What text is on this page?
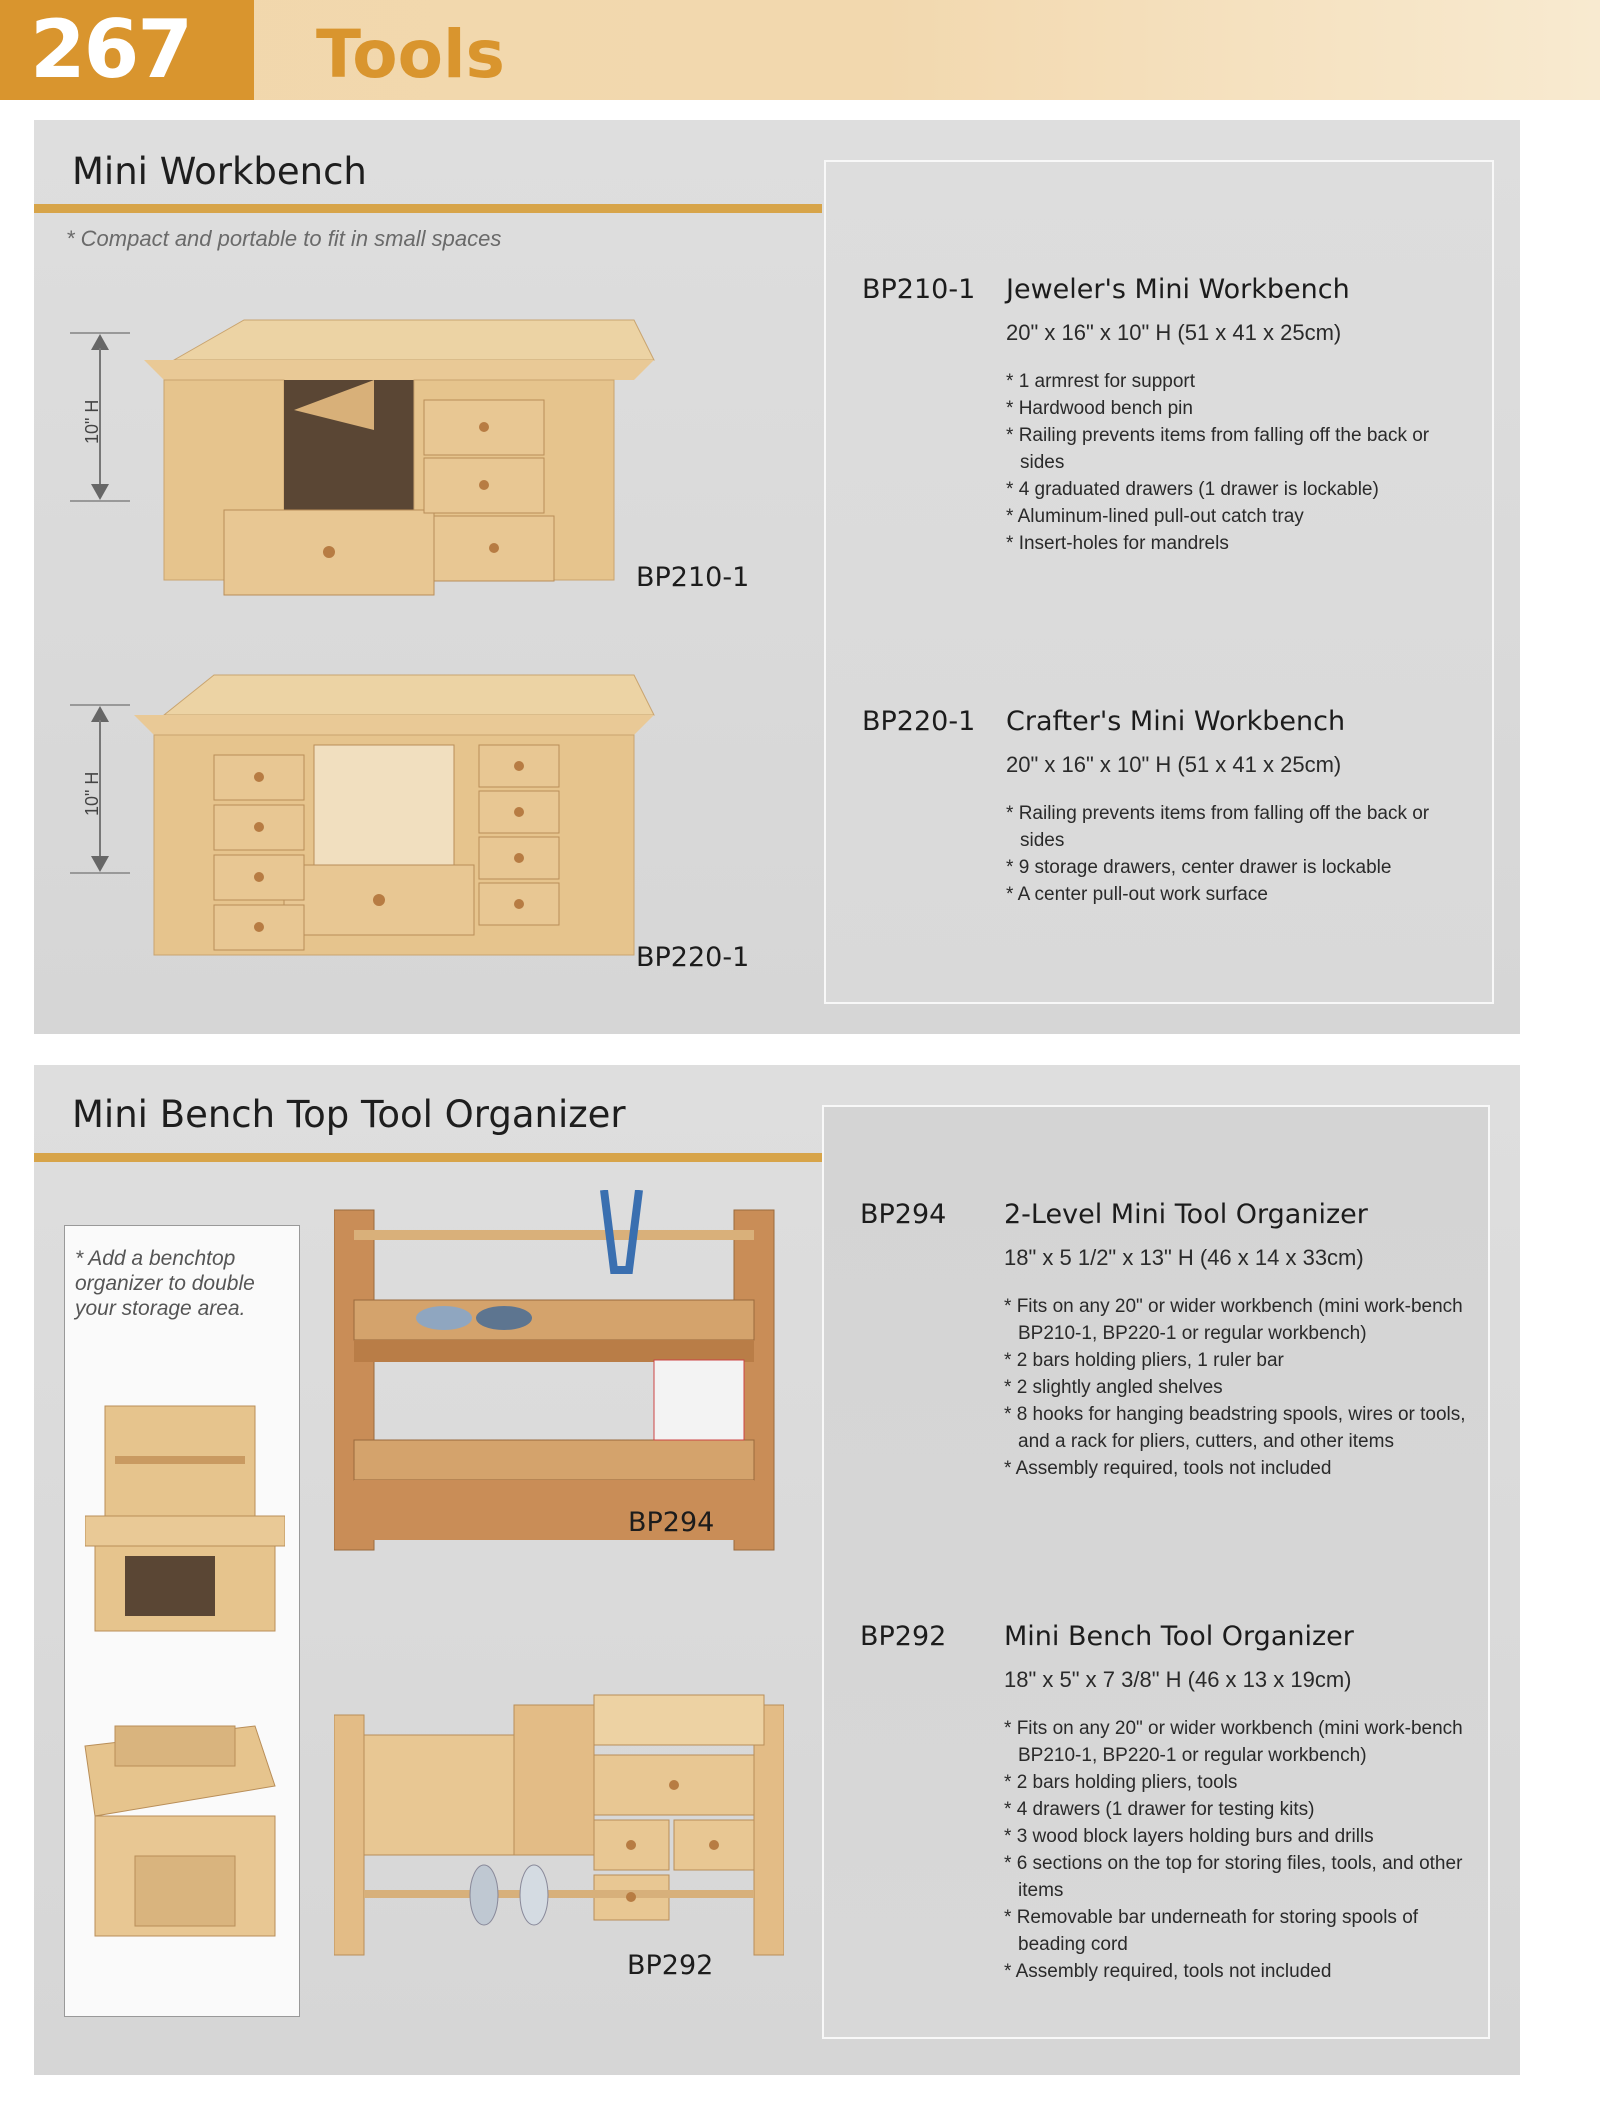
267	Tools
Mini Workbench
* Compact and portable to fit in small spaces
10" H
BP210-1
10" H
BP220-1
BP210-1 Jeweler's Mini Workbench
20" x 16" x 10" H (51 x 41 x 25cm)
* 1 armrest for support
* Hardwood bench pin
* Railing prevents items from falling off the back or sides
* 4 graduated drawers (1 drawer is lockable)
* Aluminum-lined pull-out catch tray
* Insert-holes for mandrels
BP220-1 Crafter's Mini Workbench
20" x 16" x 10" H (51 x 41 x 25cm)
* Railing prevents items from falling off the back or sides
* 9 storage drawers, center drawer is lockable
* A center pull-out work surface
Mini Bench Top Tool Organizer
* Add a benchtop organizer to double your storage area.
BP294
BP292
BP294 2-Level Mini Tool Organizer
18" x 5 1/2" x 13" H (46 x 14 x 33cm)
* Fits on any 20" or wider workbench (mini work-bench BP210-1, BP220-1 or regular workbench)
* 2 bars holding pliers, 1 ruler bar
* 2 slightly angled shelves
* 8 hooks for hanging beadstring spools, wires or tools, and a rack for pliers, cutters, and other items
* Assembly required, tools not included
BP292 Mini Bench Tool Organizer
18" x 5" x 7 3/8" H (46 x 13 x 19cm)
* Fits on any 20" or wider workbench (mini work-bench BP210-1, BP220-1 or regular workbench)
* 2 bars holding pliers, tools
* 4 drawers (1 drawer for testing kits)
* 3 wood block layers holding burs and drills
* 6 sections on the top for storing files, tools, and other items
* Removable bar underneath for storing spools of beading cord
* Assembly required, tools not included
